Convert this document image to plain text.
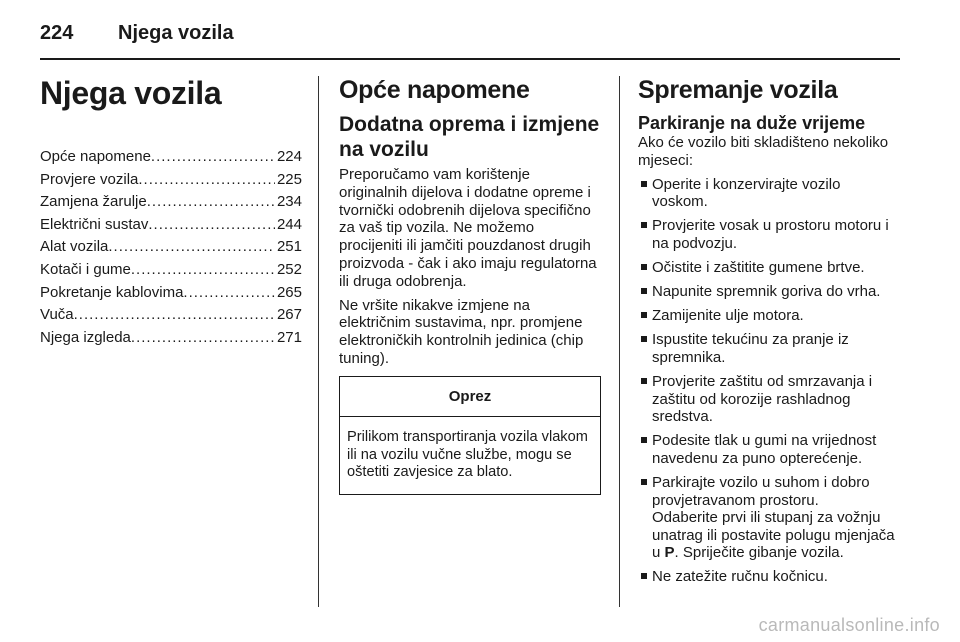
224	Njega vozila
Njega vozila
Opće napomene .....	224
Provjere vozila .....	225
Zamjena žarulje .....	234
Električni sustav .....	244
Alat vozila .....	251
Kotači i gume .....	252
Pokretanje kablovima .....	265
Vuča .....	267
Njega izgleda .....	271
Opće napomene
Dodatna oprema i izmjene na vozilu

Preporučamo vam korištenje originalnih dijelova i dodatne opreme i tvornički odobrenih dijelova specifično za vaš tip vozila. Ne možemo procijeniti ili jamčiti pouzdanost drugih proizvoda - čak i ako imaju regulatorna ili druga odobrenja.

Ne vršite nikakve izmjene na električnim sustavima, npr. promjene elektroničkih kontrolnih jedinica (chip tuning).

Oprez
Prilikom transportiranja vozila vlakom ili na vozilu vučne službe, mogu se oštetiti zavjesice za blato.
Spremanje vozila
Parkiranje na duže vrijeme

Ako će vozilo biti skladišteno nekoliko mjeseci:

Operite i konzervirajte vozilo voskom.
Provjerite vosak u prostoru motoru i na podvozju.
Očistite i zaštitite gumene brtve.
Napunite spremnik goriva do vrha.
Zamijenite ulje motora.
Ispustite tekućinu za pranje iz spremnika.
Provjerite zaštitu od smrzavanja i zaštitu od korozije rashladnog sredstva.
Podesite tlak u gumi na vrijednost navedenu za puno opterećenje.
Parkirajte vozilo u suhom i dobro provjetravanom prostoru.
Odaberite prvi ili stupanj za vožnju unatrag ili postavite polugu mjenjača u P. Spriječite gibanje vozila.
Ne zatežite ručnu kočnicu.
carmanualsonline.info
